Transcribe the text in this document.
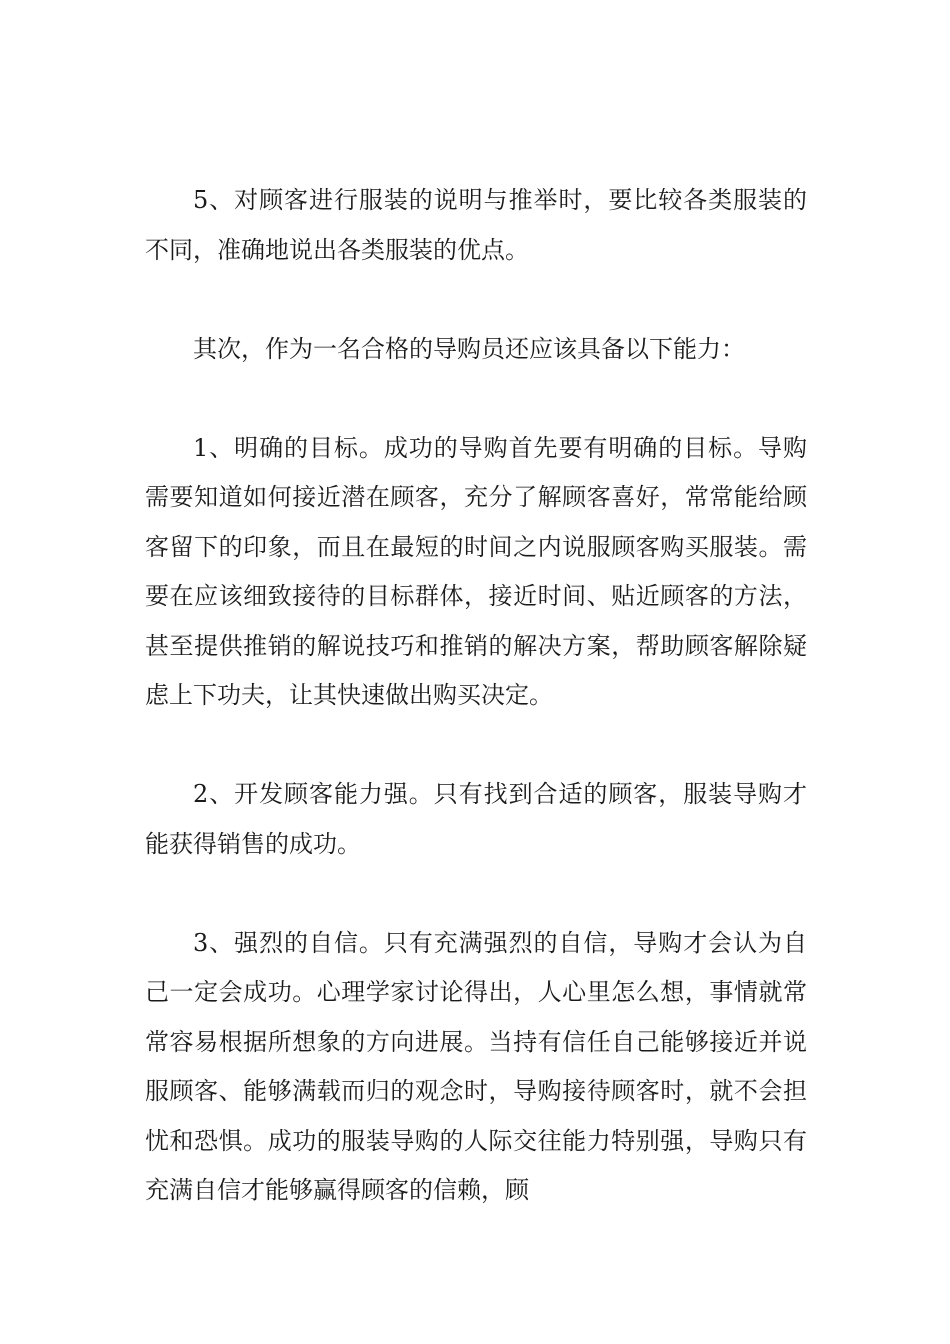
5、对顾客进行服装的说明与推举时，要比较各类服装的不同，准确地说出各类服装的优点。

其次，作为一名合格的导购员还应该具备以下能力：

1、明确的目标。成功的导购首先要有明确的目标。导购需要知道如何接近潜在顾客，充分了解顾客喜好，常常能给顾客留下的印象，而且在最短的时间之内说服顾客购买服装。需要在应该细致接待的目标群体，接近时间、贴近顾客的方法，甚至提供推销的解说技巧和推销的解决方案，帮助顾客解除疑虑上下功夫，让其快速做出购买决定。

2、开发顾客能力强。只有找到合适的顾客，服装导购才能获得销售的成功。

3、强烈的自信。只有充满强烈的自信，导购才会认为自己一定会成功。心理学家讨论得出，人心里怎么想，事情就常常容易根据所想象的方向进展。当持有信任自己能够接近并说服顾客、能够满载而归的观念时，导购接待顾客时，就不会担忧和恐惧。成功的服装导购的人际交往能力特别强，导购只有充满自信才能够赢得顾客的信赖，顾
